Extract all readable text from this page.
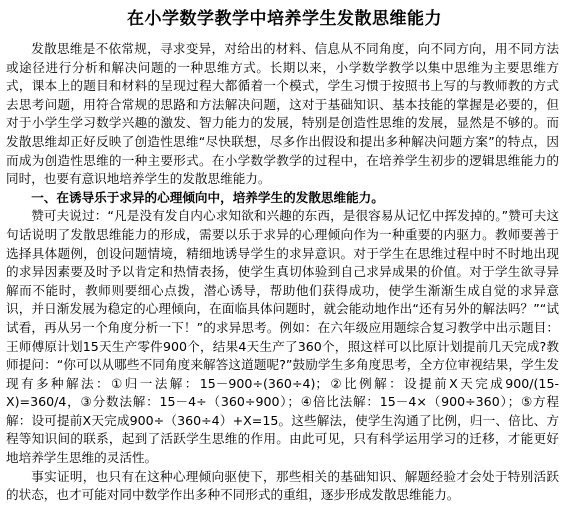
在小学数学教学中培养学生发散思维能力

发散思维是不依常规，寻求变异，对给出的材料、信息从不同角度，向不同方向，用不同方法或途径进行分析和解决问题的一种思维方式。长期以来，小学数学教学以集中思维为主要思维方式，课本上的题目和材料的呈现过程大都循着一个模式，学生习惯于按照书上写的与教师教的方式去思考问题，用符合常规的思路和方法解决问题，这对于基础知识、基本技能的掌握是必要的，但对于小学生学习数学兴趣的激发、智力能力的发展，特别是创造性思维的发展，显然是不够的。而发散思维却正好反映了创造性思维“尽快联想，尽多作出假设和提出多种解决问题方案”的特点，因而成为创造性思维的一种主要形式。在小学数学教学的过程中，在培养学生初步的逻辑思维能力的同时，也要有意识地培养学生的发散思维能力。

一、在诱导乐于求异的心理倾向中，培养学生的发散思维能力。

赞可夫说过：“凡是没有发自内心求知欲和兴趣的东西，是很容易从记忆中挥发掉的。”赞可夫这句话说明了发散思维能力的形成，需要以乐于求异的心理倾向作为一种重要的内驱力。教师要善于选择具体题例，创设问题情境，精细地诱导学生的求异意识。对于学生在思维过程中时不时地出现的求异因素要及时予以肯定和热情表扬，使学生真切体验到自己求异成果的价值。对于学生欲寻异解而不能时，教师则要细心点拨，潜心诱导，帮助他们获得成功，使学生渐渐生成自觉的求异意识，并日渐发展为稳定的心理倾向，在面临具体问题时，就会能动地作出“还有另外的解法吗？”“试试看，再从另一个角度分析一下！”的求异思考。例如：在六年级应用题综合复习教学中出示题目：王师傅原计划15天生产零件900个，结果4天生产了360个，照这样可以比原计划提前几天完成?教师提问：“你可以从哪些不同角度来解答这道题呢?”鼓励学生多角度思考，全方位审视结果，学生发现有多种解法：①归一法解：15－900÷(360÷4)；②比例解：设提前X天完成900/(15-X)=360/4，③分数法解：15－4÷（360÷900）；④倍比法解：15－4×（900÷360）；⑤方程解：设可提前X天完成900÷（360÷4）+X=15。这些解法，使学生沟通了比例，归一、倍比、方程等知识间的联系，起到了活跃学生思维的作用。由此可见，只有科学运用学习的迁移，才能更好地培养学生思维的灵活性。

事实证明，也只有在这种心理倾向驱使下，那些相关的基础知识、解题经验才会处于特别活跃的状态，也才可能对同中数学作出多种不同形式的重组，逐步形成发散思维能力。
